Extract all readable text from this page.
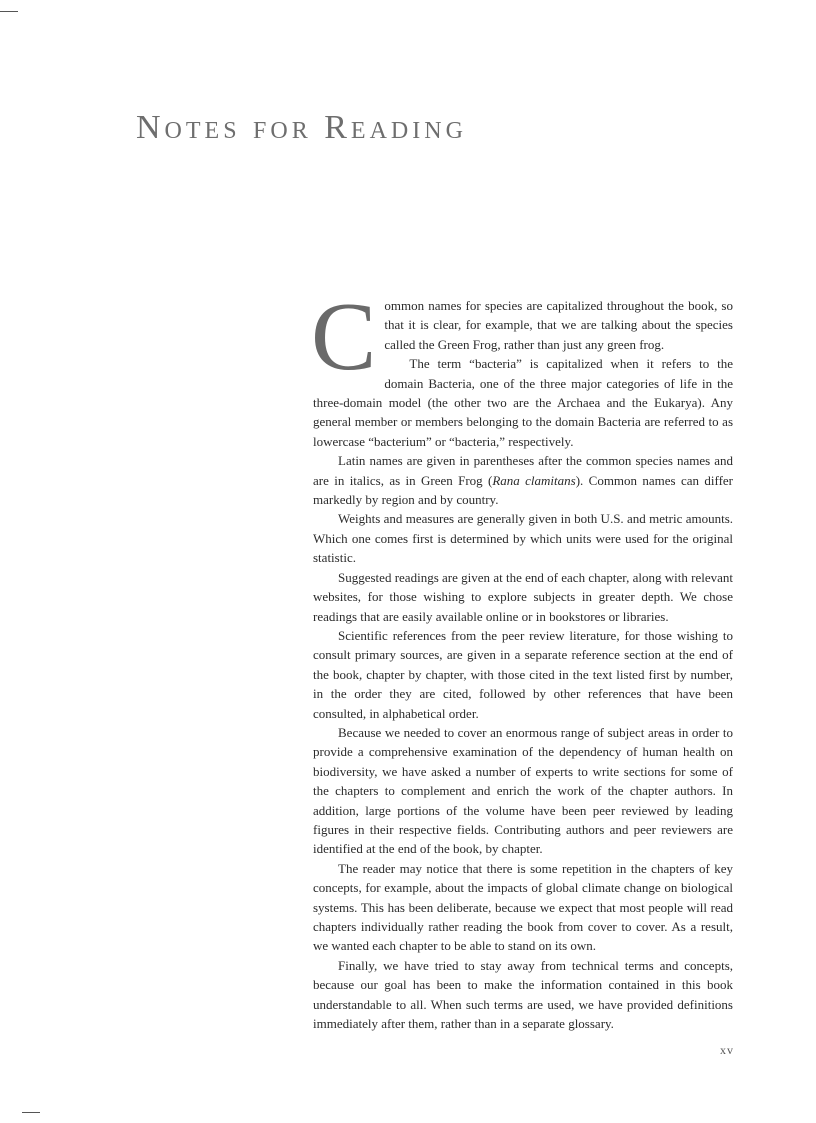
Notes for Reading

Common names for species are capitalized throughout the book, so that it is clear, for example, that we are talking about the species called the Green Frog, rather than just any green frog.

The term “bacteria” is capitalized when it refers to the domain Bacteria, one of the three major categories of life in the three-domain model (the other two are the Archaea and the Eukarya). Any general member or members belonging to the domain Bacteria are referred to as lowercase “bacterium” or “bacteria,” respectively.

Latin names are given in parentheses after the common species names and are in italics, as in Green Frog (Rana clamitans). Common names can differ markedly by region and by country.

Weights and measures are generally given in both U.S. and metric amounts. Which one comes first is determined by which units were used for the original statistic.

Suggested readings are given at the end of each chapter, along with relevant websites, for those wishing to explore subjects in greater depth. We chose readings that are easily available online or in bookstores or libraries.

Scientific references from the peer review literature, for those wishing to consult primary sources, are given in a separate reference section at the end of the book, chapter by chapter, with those cited in the text listed first by number, in the order they are cited, followed by other references that have been consulted, in alphabetical order.

Because we needed to cover an enormous range of subject areas in order to provide a comprehensive examination of the dependency of human health on biodiversity, we have asked a number of experts to write sections for some of the chapters to complement and enrich the work of the chapter authors. In addition, large portions of the volume have been peer reviewed by leading figures in their respective fields. Contributing authors and peer reviewers are identified at the end of the book, by chapter.

The reader may notice that there is some repetition in the chapters of key concepts, for example, about the impacts of global climate change on biological systems. This has been deliberate, because we expect that most people will read chapters individually rather reading the book from cover to cover. As a result, we wanted each chapter to be able to stand on its own.

Finally, we have tried to stay away from technical terms and concepts, because our goal has been to make the information contained in this book understandable to all. When such terms are used, we have provided definitions immediately after them, rather than in a separate glossary.

xv
